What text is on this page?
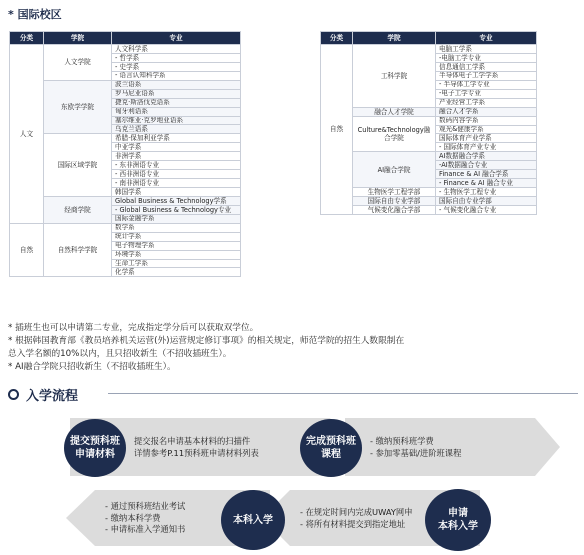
* 国际校区
分类	学院	专业
人文	人文学院	人文科学系
		- 哲学系
		- 史学系
		- 语言认知科学系
	东欧学学院	波兰语系
		罗马尼亚语系
		捷克·斯洛伐克语系
		匈牙利语系
		塞尔维亚·克罗地亚语系
		乌克兰语系
	国际区域学院	希腊·保加利亚学系
		中亚学系
		非洲学系
		- 东非洲语专业
		- 西非洲语专业
		- 南非洲语专业
		韩国学系
	经商学院	Global Business & Technology学系
		- Global Business & Technology专业
		国际金融学系
自然	自然科学学院	数学系
		统计学系
		电子物理学系
		环境学系
		生命工学系
		化学系
分类	学院	专业
自然	工科学院	电脑工学系
		-电脑工学专业
		信息通信工学系
		半导体电子工学学系
		- 半导体工学专业
		-电子工学专业
		产业经营工学系
	融合人才学院	融合人才学系
	Culture&Technology融合学院	数码内容学系
		观光&健康学系
		国际体育产业学系
		- 国际体育产业专业
	AI融合学院	AI数据融合学系
		-AI数据融合专业
		Finance & AI 融合学系
		- Finance & AI 融合专业
	生物医学工程学部	- 生物医学工程专业
	国际自由专业学部	国际自由专业学部
	气候变化融合学部	- 气候变化融合专业
* 插班生也可以申请第二专业，完成指定学分后可以获取双学位。
* 根据韩国教育部《教员培养机关运营(外)运营规定修订事项》的相关规定，师范学院的招生人数限制在
总入学名额的10%以内，且只招收新生（不招收插班生）。
* AI融合学院只招收新生（不招收插班生）。
入学流程
提交预科班
申请材料
提交报名申请基本材料的扫描件
详情参考P.11预科班申请材料列表
完成预科班
课程
- 缴纳预科班学费
- 参加零基础/进阶班课程
申请
本科入学
- 在规定时间内完成UWAY网申
- 将所有材料提交到指定地址
本科入学
- 通过预科班结业考试
- 缴纳本科学费
- 申请标准入学通知书
